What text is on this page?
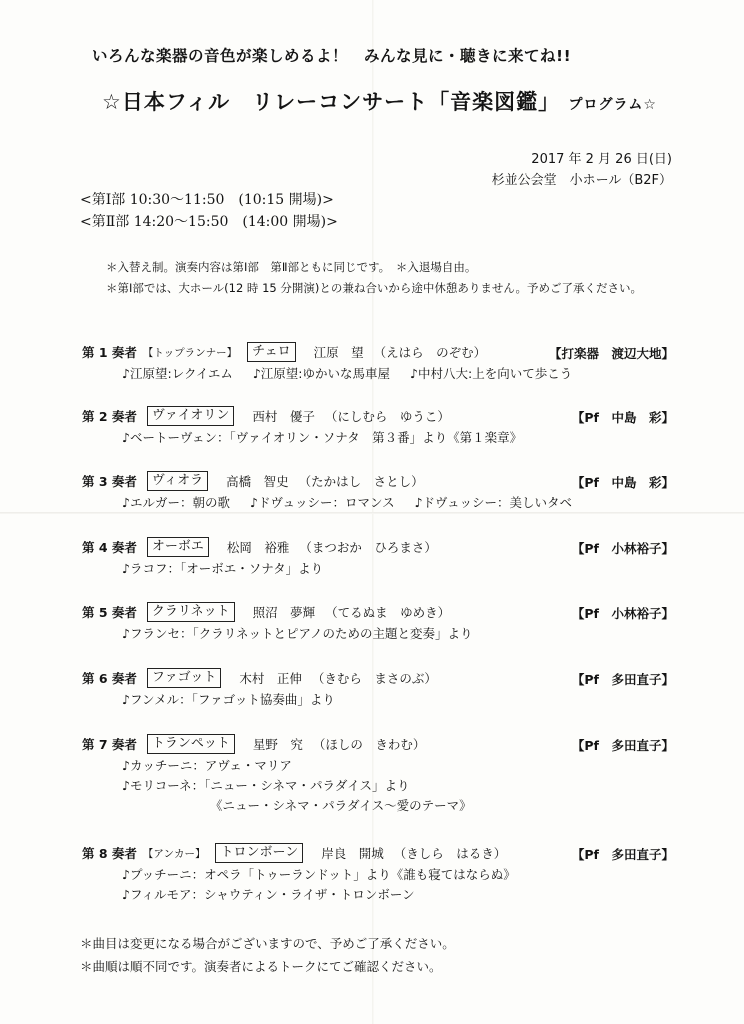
いろんな楽器の音色が楽しめるよ！　みんな見に・聴きに来てね!!
☆日本フィル　リレーコンサート「音楽図鑑」 プログラム☆
2017 年 2 月 26 日(日)
杉並公会堂　小ホール（B2F）
<第Ⅰ部 10:30〜11:50　(10:15 開場)>
<第Ⅱ部 14:20〜15:50　(14:00 開場)>
＊入替え制。演奏内容は第Ⅰ部　第Ⅱ部ともに同じです。　＊入退場自由。
＊第Ⅰ部では、大ホール(12 時 15 分開演)との兼ね合いから途中休憩ありません。予めご了承ください。
第 1 奏者 【トップランナー】 チェロ 江原　望 （えはら　のぞむ）	【打楽器　渡辺大地】
♪江原望:レクイエム ♪江原望:ゆかいな馬車屋 ♪中村八大:上を向いて歩こう
第 2 奏者 ヴァイオリン 西村　優子 （にしむら　ゆうこ）	【Pf　中島　彩】
♪ベートーヴェン：「ヴァイオリン・ソナタ　第３番」より《第１楽章》
第 3 奏者 ヴィオラ 高橋　智史 （たかはし　さとし）	【Pf　中島　彩】
♪エルガー：朝の歌 ♪ドヴュッシー：ロマンス ♪ドヴュッシー：美しいタベ
第 4 奏者 オーボエ 松岡　裕雅 （まつおか　ひろまさ）	【Pf　小林裕子】
♪ラコフ：「オーボエ・ソナタ」より
第 5 奏者 クラリネット 照沼　夢輝 （てるぬま　ゆめき）	【Pf　小林裕子】
♪フランセ：「クラリネットとピアノのための主題と変奏」より
第 6 奏者 ファゴット 木村　正伸 （きむら　まさのぶ）	【Pf　多田直子】
♪フンメル：「ファゴット協奏曲」より
第 7 奏者 トランペット 星野　究 （ほしの　きわむ）	【Pf　多田直子】
♪カッチーニ：アヴェ・マリア
♪モリコーネ：「ニュー・シネマ・パラダイス」より
《ニュー・シネマ・パラダイス〜愛のテーマ》
第 8 奏者 【アンカー】 トロンボーン 岸良　開城 （きしら　はるき）	【Pf　多田直子】
♪プッチーニ：オペラ「トゥーランドット」より《誰も寝てはならぬ》
♪フィルモア：シャウティン・ライザ・トロンボーン
＊曲目は変更になる場合がございますので、予めご了承ください。
＊曲順は順不同です。演奏者によるトークにてご確認ください。
